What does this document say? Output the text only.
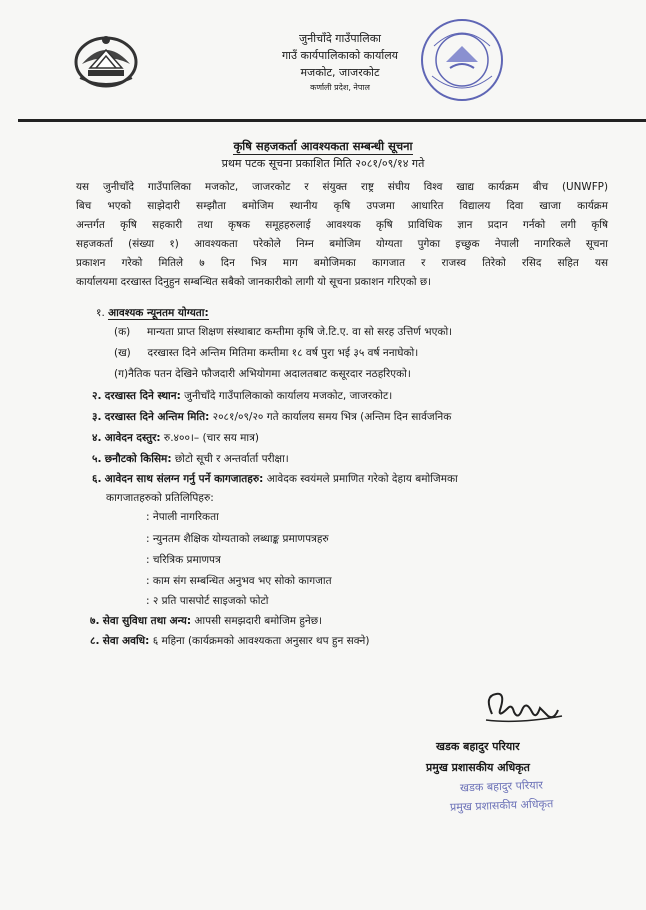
जुनीचाँदे गाउँपालिका
गाउँ कार्यपालिकाको कार्यालय
मजकोट, जाजरकोट
कर्णाली प्रदेश, नेपाल
कृषि सहजकर्ता आवश्यकता सम्बन्धी सूचना
प्रथम पटक सूचना प्रकाशित मिति २०८१/०९/१४ गते
यस जुनीचाँदे गाउँपालिका मजकोट, जाजरकोट र संयुक्त राष्ट्र संघीय विश्व खाद्य कार्यक्रम बीच (UNWFP)
बिच भएको साझेदारी सम्झौता बमोजिम स्थानीय कृषि उपजमा आधारित विद्यालय दिवा खाजा कार्यक्रम
अन्तर्गत कृषि सहकारी तथा कृषक समूहहरुलाई आवश्यक कृषि प्राविधिक ज्ञान प्रदान गर्नको लगी कृषि
सहजकर्ता (संख्या १) आवश्यकता परेकोले निम्न बमोजिम योग्यता पुगेका इच्छुक नेपाली नागरिकले सूचना
प्रकाशन गरेको मितिले ७ दिन भित्र माग बमोजिमका कागजात र राजस्व तिरेको रसिद सहित यस
कार्यालयमा दरखास्त दिनुहुन सम्बन्धित सबैको जानकारीको लागी यो सूचना प्रकाशन गरिएको छ।
१. आवश्यक न्यूनतम योग्यता:
(क) मान्यता प्राप्त शिक्षण संस्थाबाट कम्तीमा कृषि जे.टि.ए. वा सो सरह उत्तिर्ण भएको।
(ख) दरखास्त दिने अन्तिम मितिमा कम्तीमा १८ वर्ष पुरा भई ३५ वर्ष ननाघेको।
(ग)नैतिक पतन देखिने फौजदारी अभियोगमा अदालतबाट कसूरदार नठहरिएको।
२. दरखास्त दिने स्थान: जुनीचाँदे गाउँपालिकाको कार्यालय मजकोट, जाजरकोट।
३. दरखास्त दिने अन्तिम मिति: २०८१/०९/२० गते कार्यालय समय भित्र (अन्तिम दिन सार्वजनिक
४. आवेदन दस्तुर: रु.४००।– (चार सय मात्र)
५. छनौटको किसिम: छोटो सूची र अन्तर्वार्ता परीक्षा।
६. आवेदन साथ संलग्न गर्नु पर्ने कागजातहरु: आवेदक स्वयंमले प्रमाणित गरेको देहाय बमोजिमका
कागजातहरुको प्रतिलिपिहरु:
: नेपाली नागरिकता
: न्युनतम शैक्षिक योग्यताको लब्धाङ्क प्रमाणपत्रहरु
: चरित्रिक प्रमाणपत्र
: काम संग सम्बन्धित अनुभव भए सोको कागजात
: २ प्रति पासपोर्ट साइजको फोटो
७. सेवा सुविधा तथा अन्य: आपसी समझदारी बमोजिम हुनेछ।
८. सेवा अवधि: ६ महिना (कार्यक्रमको आवश्यकता अनुसार थप हुन सक्ने)
खडक बहादुर परियार
प्रमुख प्रशासकीय अधिकृत
खडक बहादुर परियार
प्रमुख प्रशासकीय अधिकृत
